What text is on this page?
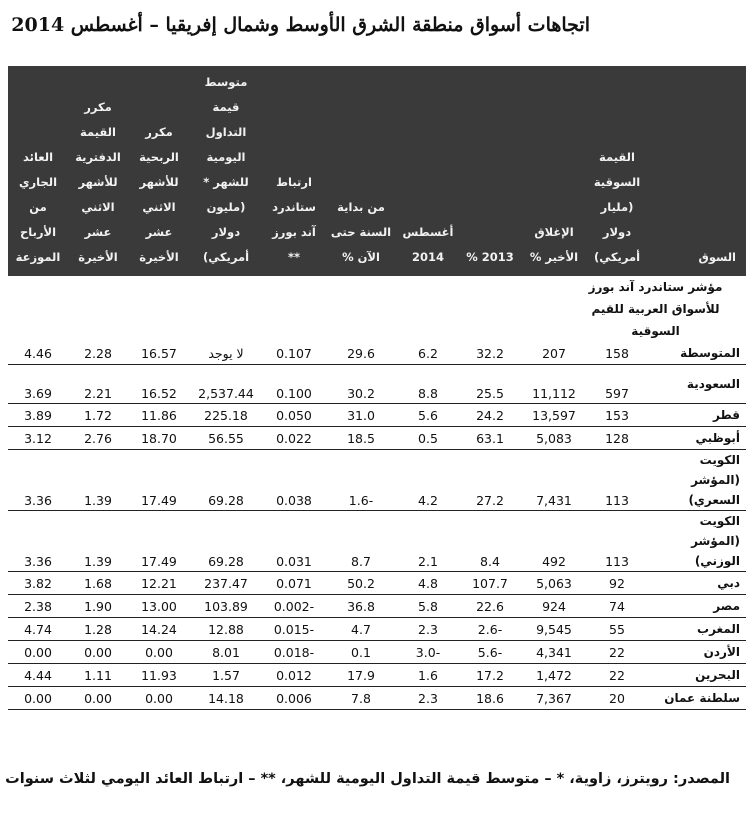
اتجاهات أسواق منطقة الشرق الأوسط وشمال إفريقيا – أغسطس 2014
السوق	القيمة السوقية (مليار دولار أمريكي)	الإغلاق الأخير %	2013 %	أغسطس 2014	من بداية السنة حتى الآن %	ارتباط ستاندرد آند بورز **	متوسط قيمة التداول اليومية للشهر * (مليون دولار أمريكي)	مكرر الربحية للأشهر الاثني عشر الأخيرة	مكرر القيمة الدفترية للأشهر الاثني عشر الأخيرة	العائد الجاري من الأرباح الموزعة
مؤشر ستاندرد آند بورز للأسواق العربية للقيم السوقية										
المتوسطة	158	207	32.2	6.2	29.6	0.107	لا يوجد	16.57	2.28	4.46
السعودية	597	11,112	25.5	8.8	30.2	0.100	2,537.44	16.52	2.21	3.69
قطر	153	13,597	24.2	5.6	31.0	0.050	225.18	11.86	1.72	3.89
أبوظبي	128	5,083	63.1	0.5	18.5	0.022	56.55	18.70	2.76	3.12
الكويت (المؤشر السعري)	113	7,431	27.2	4.2	-1.6	0.038	69.28	17.49	1.39	3.36
الكويت (المؤشر الوزني)	113	492	8.4	2.1	8.7	0.031	69.28	17.49	1.39	3.36
دبي	92	5,063	107.7	4.8	50.2	0.071	237.47	12.21	1.68	3.82
مصر	74	924	22.6	5.8	36.8	-0.002	103.89	13.00	1.90	2.38
المغرب	55	9,545	-2.6	2.3	4.7	-0.015	12.88	14.24	1.28	4.74
الأردن	22	4,341	-5.6	-3.0	0.1	-0.018	8.01	0.00	0.00	0.00
البحرين	22	1,472	17.2	1.6	17.9	0.012	1.57	11.93	1.11	4.44
سلطنة عمان	20	7,367	18.6	2.3	7.8	0.006	14.18	0.00	0.00	0.00
المصدر: رويترز، زاوية، * – متوسط قيمة التداول اليومية للشهر، ** – ارتباط العائد اليومي لثلاث سنوات
